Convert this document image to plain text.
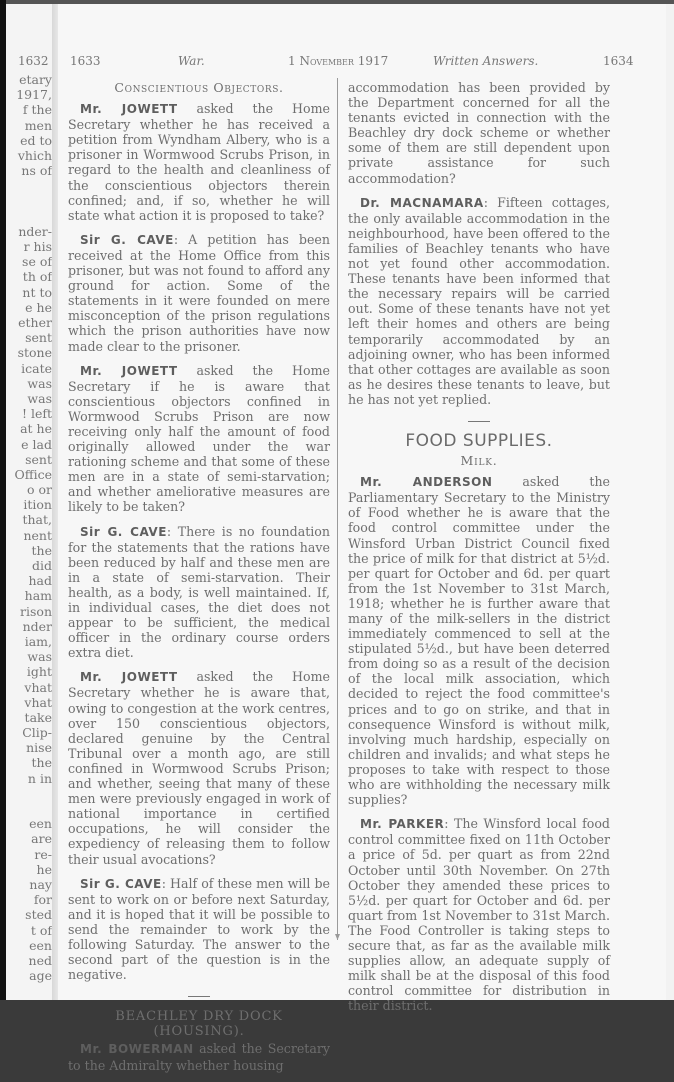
1632
etary
1917,
f the
men
ed to
vhich
ns of
nder-
r his
se of
th of
nt to
e he
ether
sent
stone
icate
was
was
! left
at he
e lad
sent
Office
o or
ition
that,
nent
the
did
had
ham
rison
nder
iam,
was
ight
vhat
vhat
take
Clip-
nise
the
n in
een
are
re-
he
nay
for
sted
t of
een
ned
age
1633	War.	1 November 1917	Written Answers.	1634

Conscientious Objectors.

Mr. JOWETT asked the Home Secretary whether he has received a petition from Wyndham Albery, who is a prisoner in Wormwood Scrubs Prison, in regard to the health and cleanliness of the conscientious objectors therein confined; and, if so, whether he will state what action it is proposed to take?

Sir G. CAVE: A petition has been received at the Home Office from this prisoner, but was not found to afford any ground for action. Some of the statements in it were founded on mere misconception of the prison regulations which the prison authorities have now made clear to the prisoner.

Mr. JOWETT asked the Home Secretary if he is aware that conscientious objectors confined in Wormwood Scrubs Prison are now receiving only half the amount of food originally allowed under the war rationing scheme and that some of these men are in a state of semi-starvation; and whether ameliorative measures are likely to be taken?

Sir G. CAVE: There is no foundation for the statements that the rations have been reduced by half and these men are in a state of semi-starvation. Their health, as a body, is well maintained. If, in individual cases, the diet does not appear to be sufficient, the medical officer in the ordinary course orders extra diet.

Mr. JOWETT asked the Home Secretary whether he is aware that, owing to congestion at the work centres, over 150 conscientious objectors, declared genuine by the Central Tribunal over a month ago, are still confined in Wormwood Scrubs Prison; and whether, seeing that many of these men were previously engaged in work of national importance in certified occupations, he will consider the expediency of releasing them to follow their usual avocations?

Sir G. CAVE: Half of these men will be sent to work on or before next Saturday, and it is hoped that it will be possible to send the remainder to work by the following Saturday. The answer to the second part of the question is in the negative.

BEACHLEY DRY DOCK (HOUSING).

Mr. BOWERMAN asked the Secretary to the Admiralty whether housing

accommodation has been provided by the Department concerned for all the tenants evicted in connection with the Beachley dry dock scheme or whether some of them are still dependent upon private assistance for such accommodation?

Dr. MACNAMARA: Fifteen cottages, the only available accommodation in the neighbourhood, have been offered to the families of Beachley tenants who have not yet found other accommodation. These tenants have been informed that the necessary repairs will be carried out. Some of these tenants have not yet left their homes and others are being temporarily accommodated by an adjoining owner, who has been informed that other cottages are available as soon as he desires these tenants to leave, but he has not yet replied.

FOOD SUPPLIES.

Milk.

Mr. ANDERSON asked the Parliamentary Secretary to the Ministry of Food whether he is aware that the food control committee under the Winsford Urban District Council fixed the price of milk for that district at 5½d. per quart for October and 6d. per quart from the 1st November to 31st March, 1918; whether he is further aware that many of the milk-sellers in the district immediately commenced to sell at the stipulated 5½d., but have been deterred from doing so as a result of the decision of the local milk association, which decided to reject the food committee's prices and to go on strike, and that in consequence Winsford is without milk, involving much hardship, especially on children and invalids; and what steps he proposes to take with respect to those who are withholding the necessary milk supplies?

Mr. PARKER: The Winsford local food control committee fixed on 11th October a price of 5d. per quart as from 22nd October until 30th November. On 27th October they amended these prices to 5½d. per quart for October and 6d. per quart from 1st November to 31st March. The Food Controller is taking steps to secure that, as far as the available milk supplies allow, an adequate supply of milk shall be at the disposal of this food control committee for distribution in their district.
